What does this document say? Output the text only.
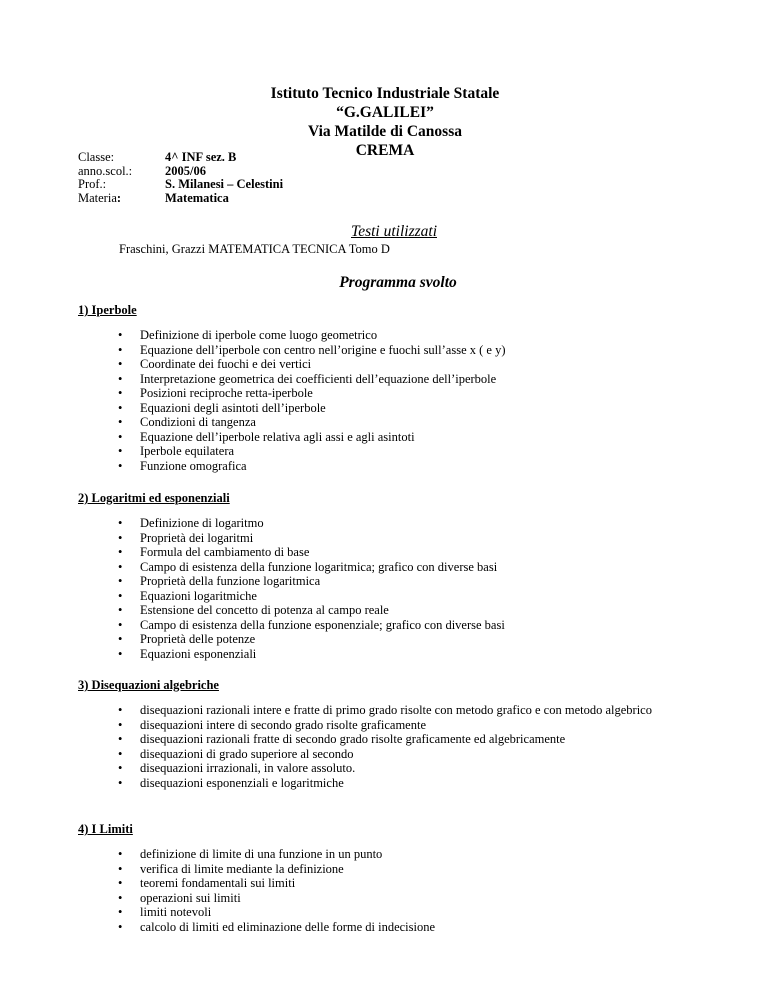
Istituto Tecnico Industriale Statale
“G.GALILEI”
Via Matilde di Canossa
CREMA
Classe:	4^ INF sez. B
anno.scol.:	2005/06
Prof.:	S. Milanesi – Celestini
Materia:	Matematica
Testi utilizzati
Fraschini, Grazzi MATEMATICA TECNICA Tomo D
Programma svolto
1) Iperbole
• Definizione di iperbole come luogo geometrico
• Equazione dell’iperbole con centro nell’origine e fuochi sull’asse x ( e y)
• Coordinate dei fuochi e dei vertici
• Interpretazione geometrica dei coefficienti dell’equazione dell’iperbole
• Posizioni reciproche retta-iperbole
• Equazioni degli asintoti dell’iperbole
• Condizioni di tangenza
• Equazione dell’iperbole relativa agli assi e agli asintoti
• Iperbole equilatera
• Funzione omografica
2) Logaritmi ed esponenziali
• Definizione di logaritmo
• Proprietà dei logaritmi
• Formula del cambiamento di base
• Campo di esistenza della funzione logaritmica; grafico con diverse basi
• Proprietà della funzione logaritmica
• Equazioni logaritmiche
• Estensione del concetto di potenza al campo reale
• Campo di esistenza della funzione esponenziale; grafico con diverse basi
• Proprietà delle potenze
• Equazioni esponenziali
3) Disequazioni algebriche
• disequazioni razionali intere e fratte di primo grado risolte con metodo grafico e con metodo algebrico
• disequazioni intere di secondo grado risolte graficamente
• disequazioni razionali fratte di secondo grado risolte graficamente ed algebricamente
• disequazioni di grado superiore al secondo
• disequazioni irrazionali, in valore assoluto.
• disequazioni esponenziali e logaritmiche
4) I Limiti
• definizione di limite di una funzione in un punto
• verifica di limite mediante la definizione
• teoremi fondamentali sui limiti
• operazioni sui limiti
• limiti notevoli
• calcolo di limiti ed eliminazione delle forme di indecisione
